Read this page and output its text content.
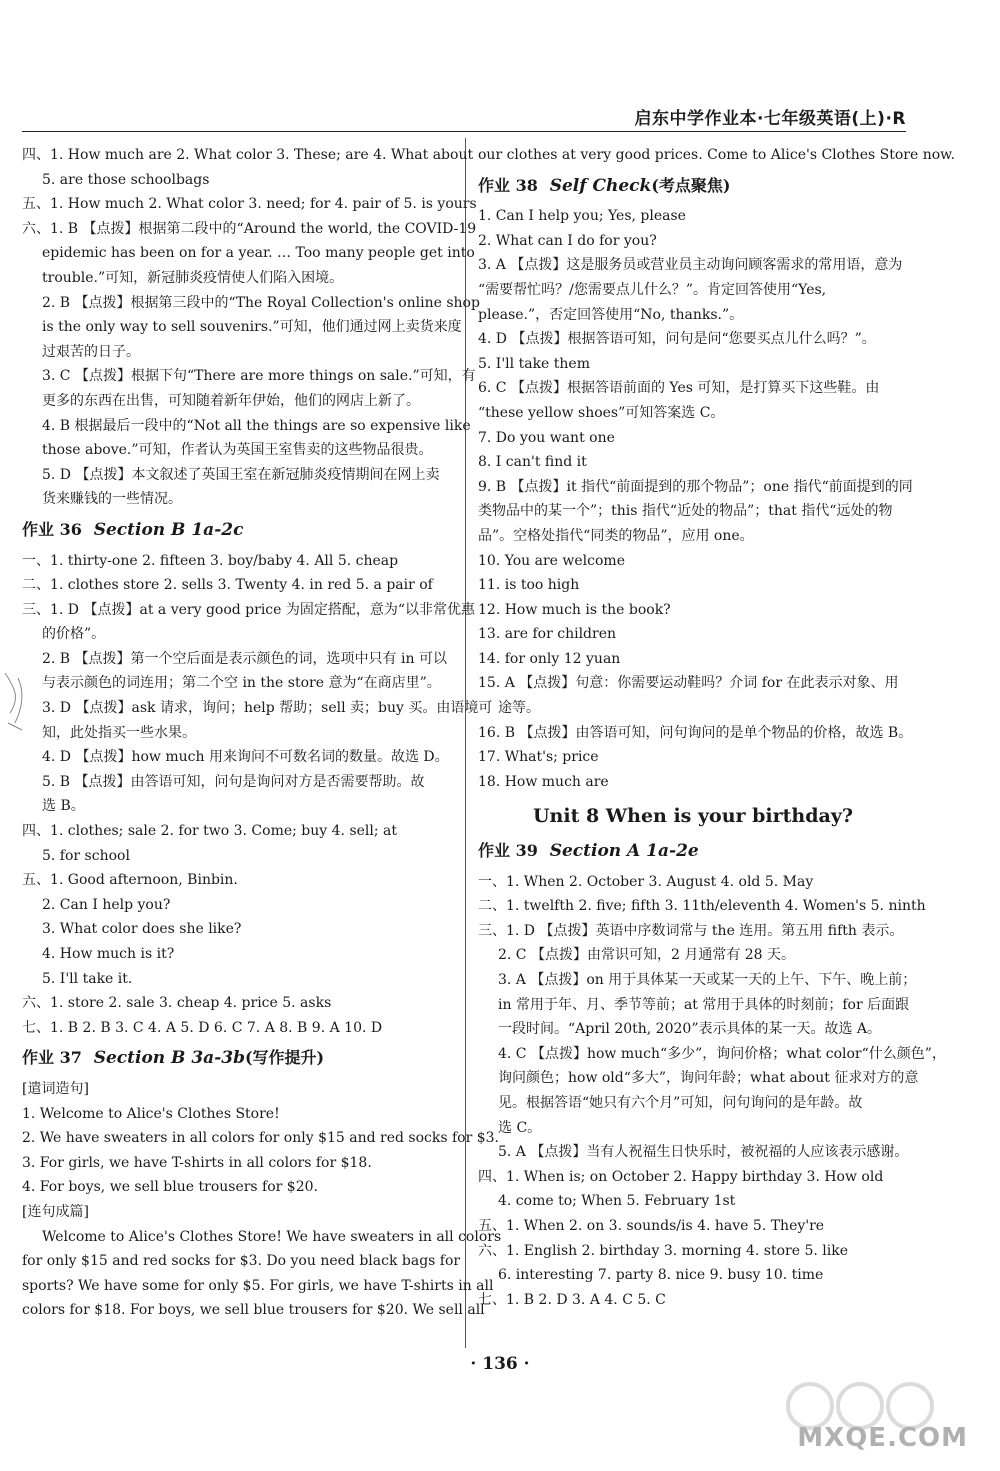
启东中学作业本·七年级英语(上)·R
四、1. How much are 2. What color 3. These; are 4. What about
5. are those schoolbags
五、1. How much 2. What color 3. need; for 4. pair of 5. is yours
六、1. B 【点拨】根据第二段中的“Around the world, the COVID-19
epidemic has been on for a year. … Too many people get into
trouble.”可知，新冠肺炎疫情使人们陷入困境。
2. B 【点拨】根据第三段中的“The Royal Collection's online shop
is the only way to sell souvenirs.”可知，他们通过网上卖货来度
过艰苦的日子。
3. C 【点拨】根据下句“There are more things on sale.”可知，有
更多的东西在出售，可知随着新年伊始，他们的网店上新了。
4. B 根据最后一段中的“Not all the things are so expensive like
those above.”可知，作者认为英国王室售卖的这些物品很贵。
5. D 【点拨】本文叙述了英国王室在新冠肺炎疫情期间在网上卖
货来赚钱的一些情况。
作业 36 Section B 1a-2c
一、1. thirty-one 2. fifteen 3. boy/baby 4. All 5. cheap
二、1. clothes store 2. sells 3. Twenty 4. in red 5. a pair of
三、1. D 【点拨】at a very good price 为固定搭配，意为“以非常优惠
的价格”。
2. B 【点拨】第一个空后面是表示颜色的词，选项中只有 in 可以
与表示颜色的词连用；第二个空 in the store 意为“在商店里”。
3. D 【点拨】ask 请求，询问；help 帮助；sell 卖；buy 买。由语境可
知，此处指买一些水果。
4. D 【点拨】how much 用来询问不可数名词的数量。故选 D。
5. B 【点拨】由答语可知，问句是询问对方是否需要帮助。故
选 B。
四、1. clothes; sale 2. for two 3. Come; buy 4. sell; at
5. for school
五、1. Good afternoon, Binbin.
2. Can I help you?
3. What color does she like?
4. How much is it?
5. I'll take it.
六、1. store 2. sale 3. cheap 4. price 5. asks
七、1. B 2. B 3. C 4. A 5. D 6. C 7. A 8. B 9. A 10. D
作业 37 Section B 3a-3b(写作提升)
[遣词造句]
1. Welcome to Alice's Clothes Store!
2. We have sweaters in all colors for only $15 and red socks for $3.
3. For girls, we have T-shirts in all colors for $18.
4. For boys, we sell blue trousers for $20.
[连句成篇]
Welcome to Alice's Clothes Store! We have sweaters in all colors
for only $15 and red socks for $3. Do you need black bags for
sports? We have some for only $5. For girls, we have T-shirts in all
colors for $18. For boys, we sell blue trousers for $20. We sell all
our clothes at very good prices. Come to Alice's Clothes Store now.
作业 38 Self Check(考点聚焦)
1. Can I help you; Yes, please
2. What can I do for you?
3. A 【点拨】这是服务员或营业员主动询问顾客需求的常用语，意为
“需要帮忙吗？/您需要点儿什么？”。肯定回答使用“Yes,
please.”，否定回答使用“No, thanks.”。
4. D 【点拨】根据答语可知，问句是问“您要买点儿什么吗？”。
5. I'll take them
6. C 【点拨】根据答语前面的 Yes 可知，是打算买下这些鞋。由
“these yellow shoes”可知答案选 C。
7. Do you want one
8. I can't find it
9. B 【点拨】it 指代“前面提到的那个物品”；one 指代“前面提到的同
类物品中的某一个”；this 指代“近处的物品”；that 指代“远处的物
品”。空格处指代“同类的物品”，应用 one。
10. You are welcome
11. is too high
12. How much is the book?
13. are for children
14. for only 12 yuan
15. A 【点拨】句意：你需要运动鞋吗？介词 for 在此表示对象、用
途等。
16. B 【点拨】由答语可知，问句询问的是单个物品的价格，故选 B。
17. What's; price
18. How much are
Unit 8 When is your birthday?
作业 39 Section A 1a-2e
一、1. When 2. October 3. August 4. old 5. May
二、1. twelfth 2. five; fifth 3. 11th/eleventh 4. Women's 5. ninth
三、1. D 【点拨】英语中序数词常与 the 连用。第五用 fifth 表示。
2. C 【点拨】由常识可知，2 月通常有 28 天。
3. A 【点拨】on 用于具体某一天或某一天的上午、下午、晚上前；
in 常用于年、月、季节等前；at 常用于具体的时刻前；for 后面跟
一段时间。“April 20th, 2020”表示具体的某一天。故选 A。
4. C 【点拨】how much“多少”，询问价格；what color“什么颜色”，
询问颜色；how old“多大”，询问年龄；what about 征求对方的意
见。根据答语“她只有六个月”可知，问句询问的是年龄。故
选 C。
5. A 【点拨】当有人祝福生日快乐时，被祝福的人应该表示感谢。
四、1. When is; on October 2. Happy birthday 3. How old
4. come to; When 5. February 1st
五、1. When 2. on 3. sounds/is 4. have 5. They're
六、1. English 2. birthday 3. morning 4. store 5. like
6. interesting 7. party 8. nice 9. busy 10. time
七、1. B 2. D 3. A 4. C 5. C
· 136 ·
MXQE.COM
